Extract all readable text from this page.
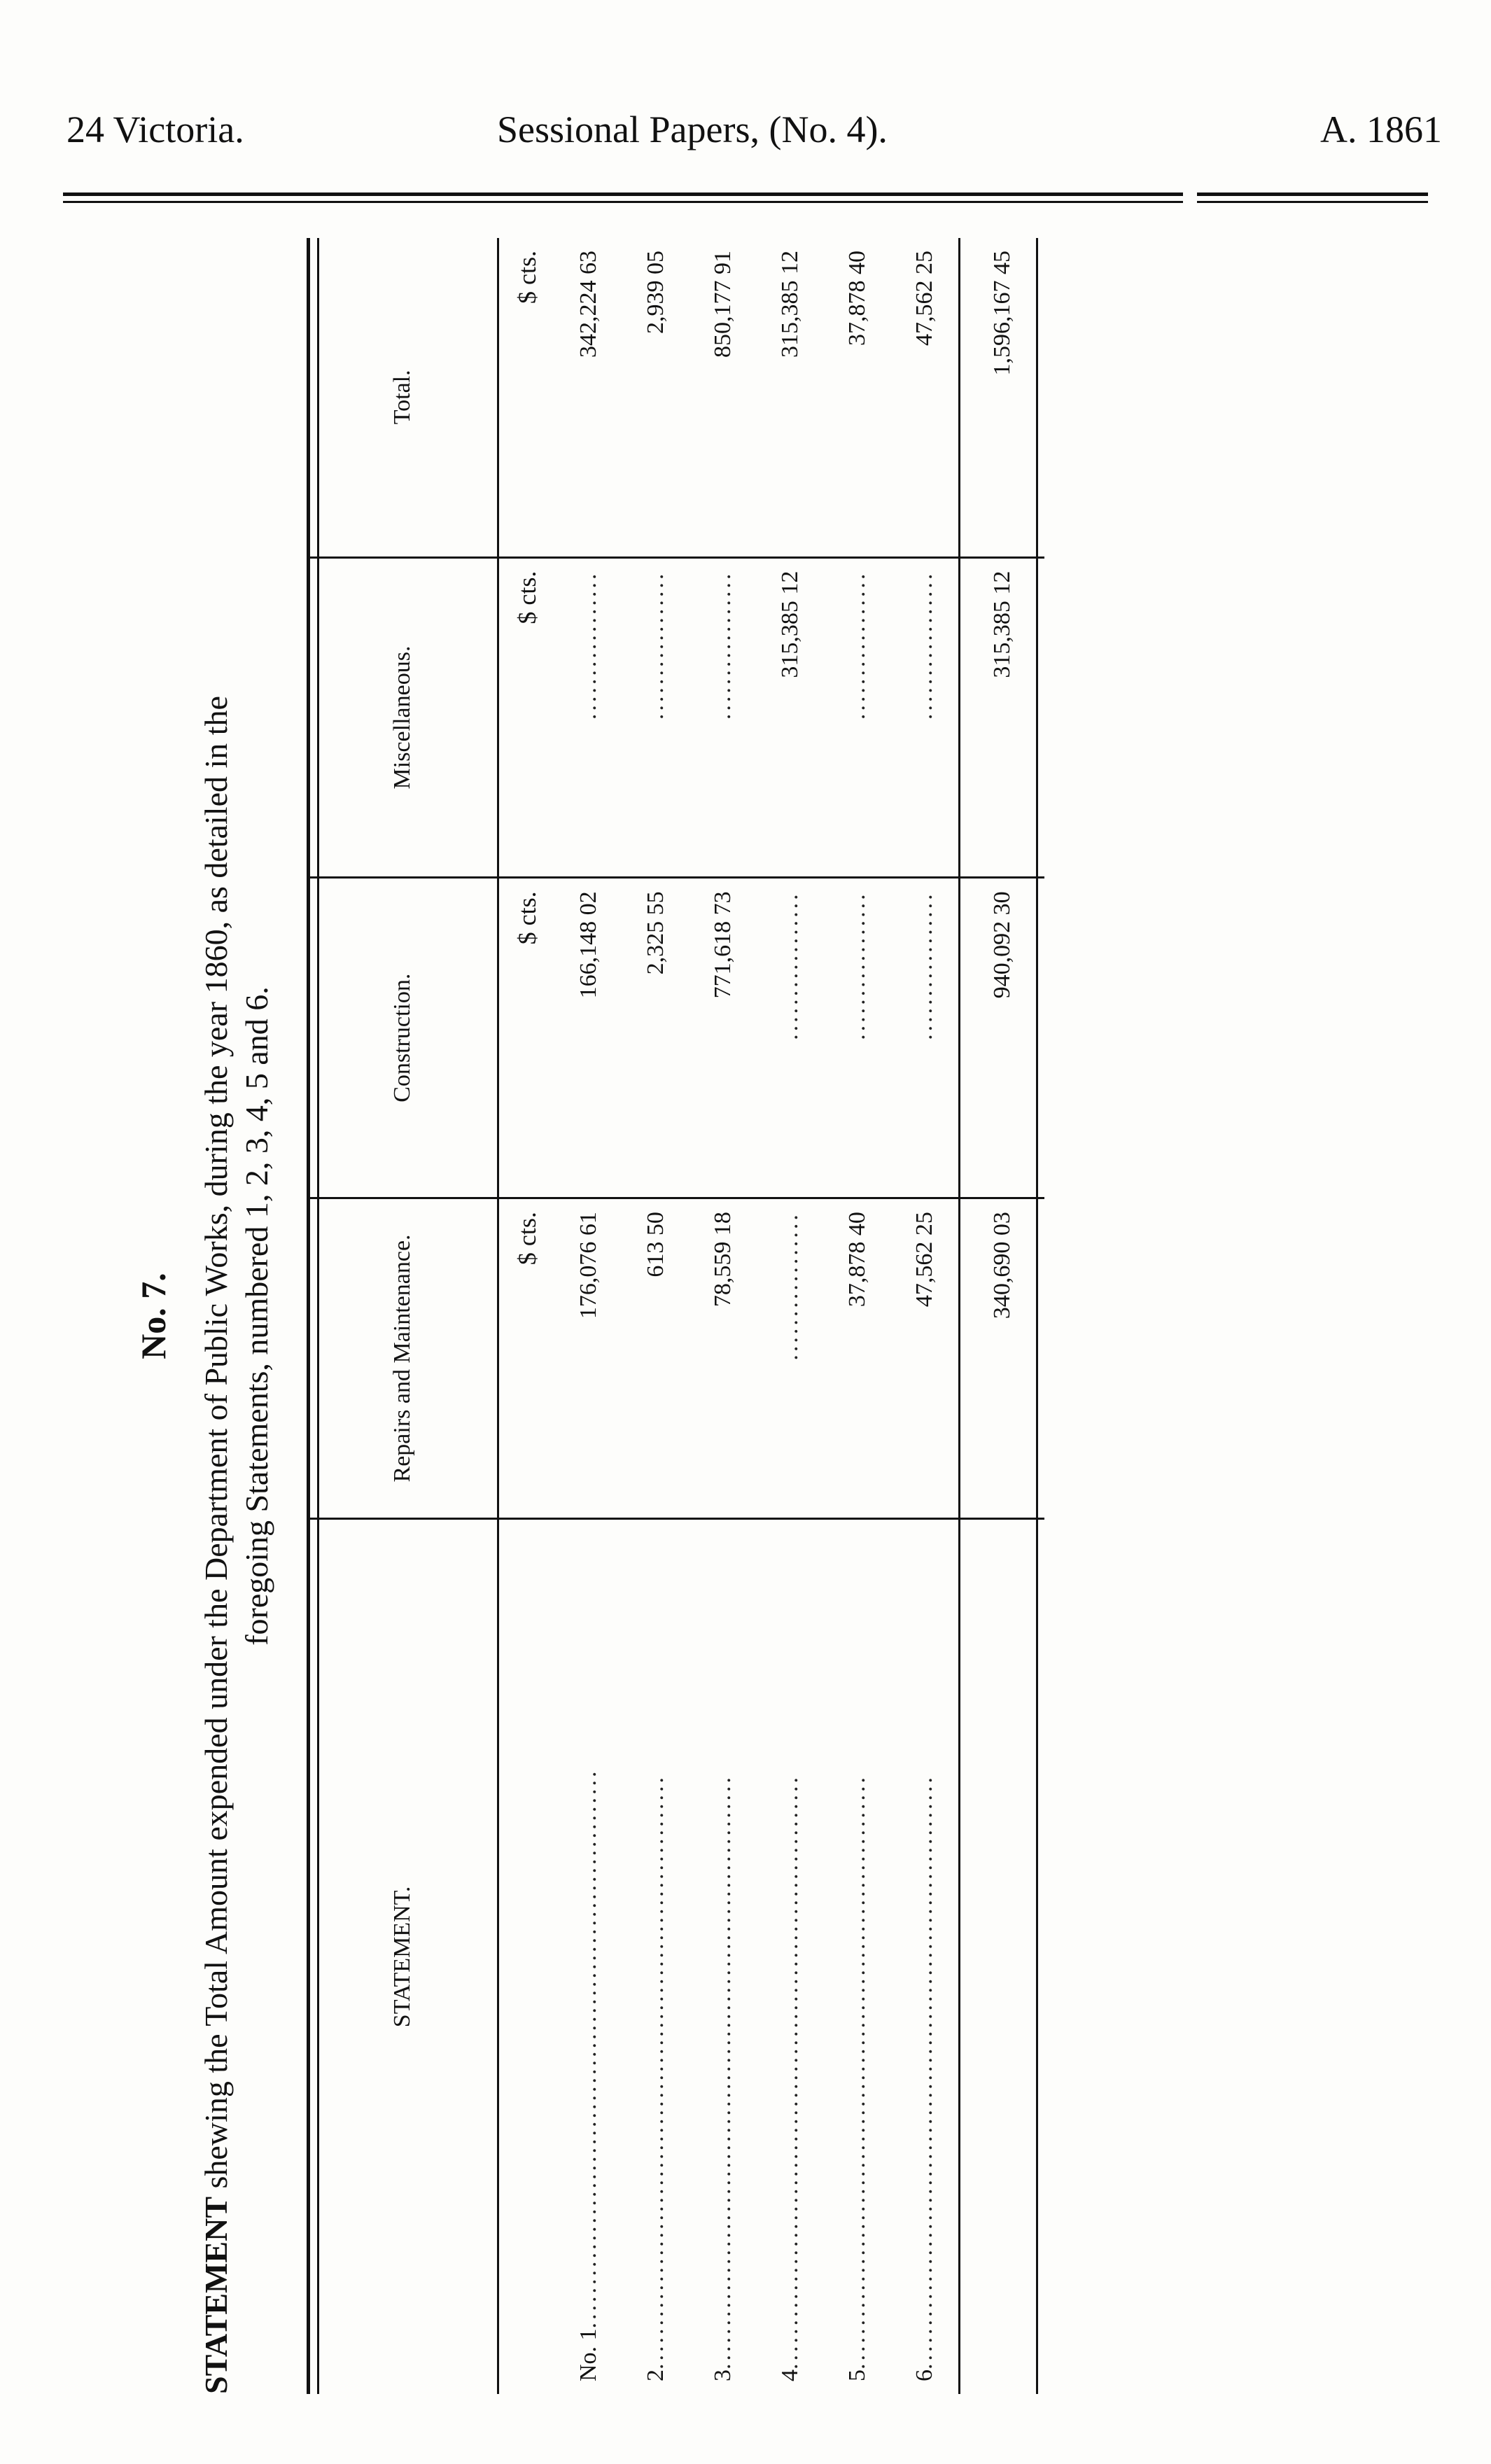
24 Victoria.	Sessional Papers, (No. 4).	A. 1861
No. 7.
STATEMENT shewing the Total Amount expended under the Department of Public Works, during the year 1860, as detailed in the foregoing Statements, numbered 1, 2, 3, 4, 5 and 6.
STATEMENT.	Repairs and Maintenance.	Construction.	Miscellaneous.	Total.
	$ cts.	$ cts.	$ cts.	$ cts.
No. 1................................................................	176,076 61	166,148 02	.................	342,224 63
2....................................................................	613 50	2,325 55	.................	2,939 05
3....................................................................	78,559 18	771,618 73	.................	850,177 91
4....................................................................	.................	.................	315,385 12	315,385 12
5....................................................................	37,878 40	.................	.................	37,878 40
6....................................................................	47,562 25	.................	.................	47,562 25
	340,690 03	940,092 30	315,385 12	1,596,167 45
